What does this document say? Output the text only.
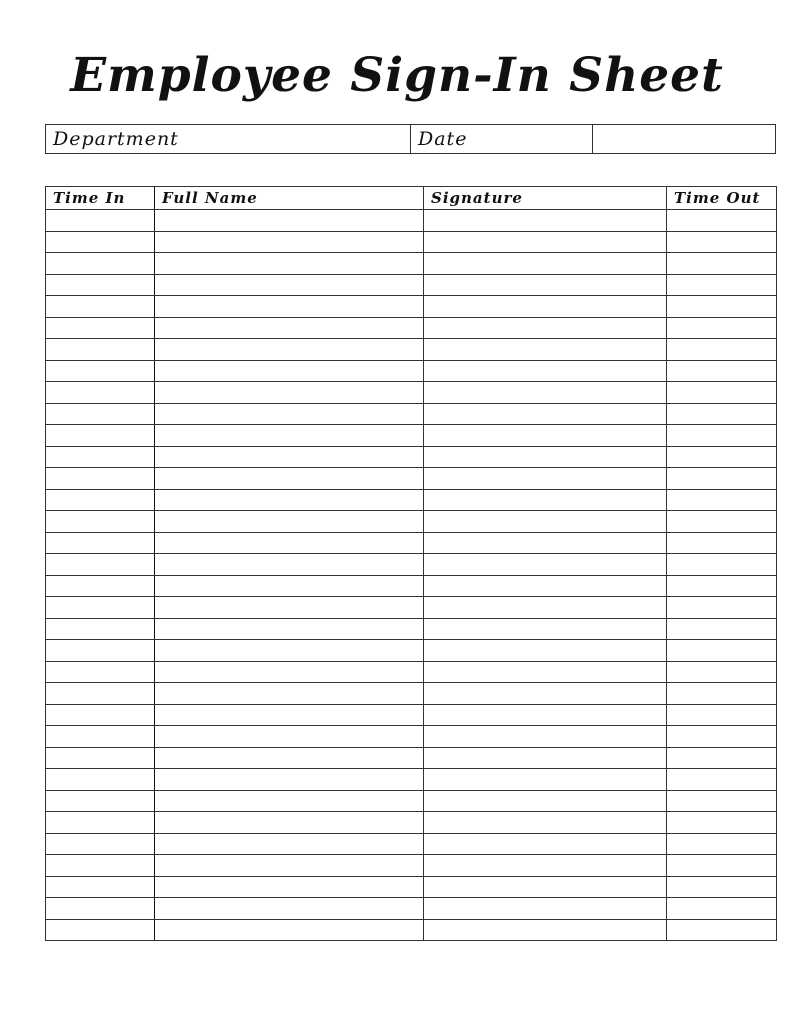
Employee Sign-In Sheet
Department	Date	
Time In	Full Name	Signature	Time Out
